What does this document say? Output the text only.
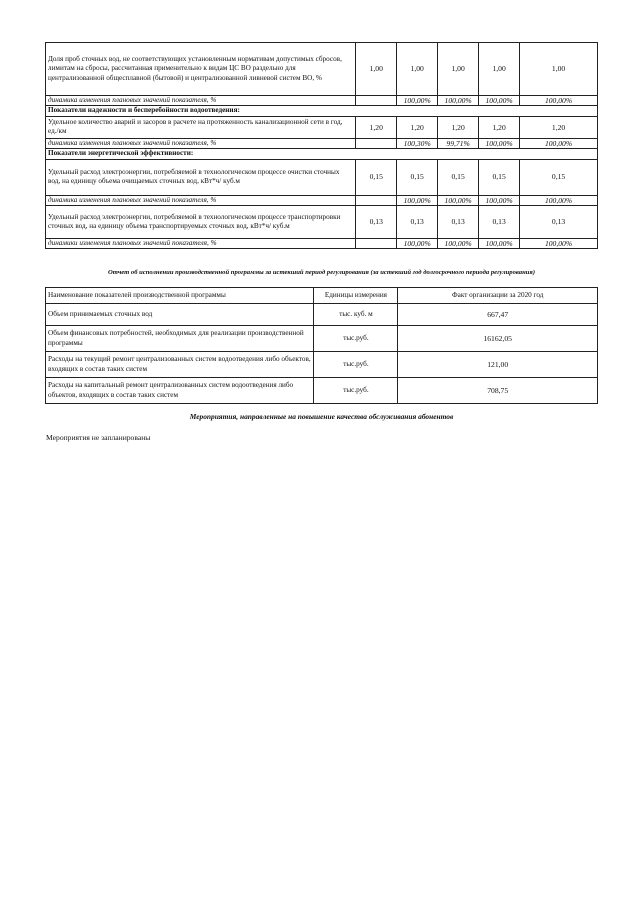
Доля проб сточных вод, не соответствующих установленным нормативам допустимых сбросов, лимитам на сбросы, рассчитанная применительно к видам ЦС ВО раздельно для централизованной общесплавной (бытовой) и централизованной ливневой систем ВО, %	1,00	1,00	1,00	1,00	1,00
динамика изменения плановых значений показателя, %		100,00%	100,00%	100,00%	100,00%
Показатели надежности и бесперебойности водоотведения:					
Удельное количество аварий и засоров в расчете на протяженность канализационной сети в год, ед./км	1,20	1,20	1,20	1,20	1,20
динамика изменения плановых значений показателя, %		100,30%	99,71%	100,00%	100,00%
Показатели энергетической эффективности:					
Удельный расход электроэнергии, потребляемой в технологическом процессе очистки сточных вод, на единицу объема очищаемых сточных вод, кВт*ч/ куб.м	0,15	0,15	0,15	0,15	0,15
динамика изменения плановых значений показателя, %		100,00%	100,00%	100,00%	100,00%
Удельный расход электроэнергии, потребляемой в технологическом процессе транспортировки сточных вод, на единицу объема транспортируемых сточных вод, кВт*ч/ куб.м	0,13	0,13	0,13	0,13	0,13
динамики изменения плановых значений показателя, %		100,00%	100,00%	100,00%	100,00%
Отчет об исполнении производственной программы за истекший период регулирования (за истекший год долгосрочного периода регулирования)
Наименование показателей производственной программы	Единицы измерения	Факт организации за 2020 год
Объем принимаемых сточных вод	тыс. куб. м	667,47
Объем финансовых потребностей, необходимых для реализации производственной программы	тыс.руб.	16162,05
Расходы на текущий ремонт централизованных систем водоотведения либо объектов, входящих в состав таких систем	тыс.руб.	121,00
Расходы на капитальный ремонт централизованных систем водоотведения либо объектов, входящих в состав таких систем	тыс.руб.	708,75
Мероприятия, направленные на повышение качества обслуживания абонентов
Мероприятия не запланированы
